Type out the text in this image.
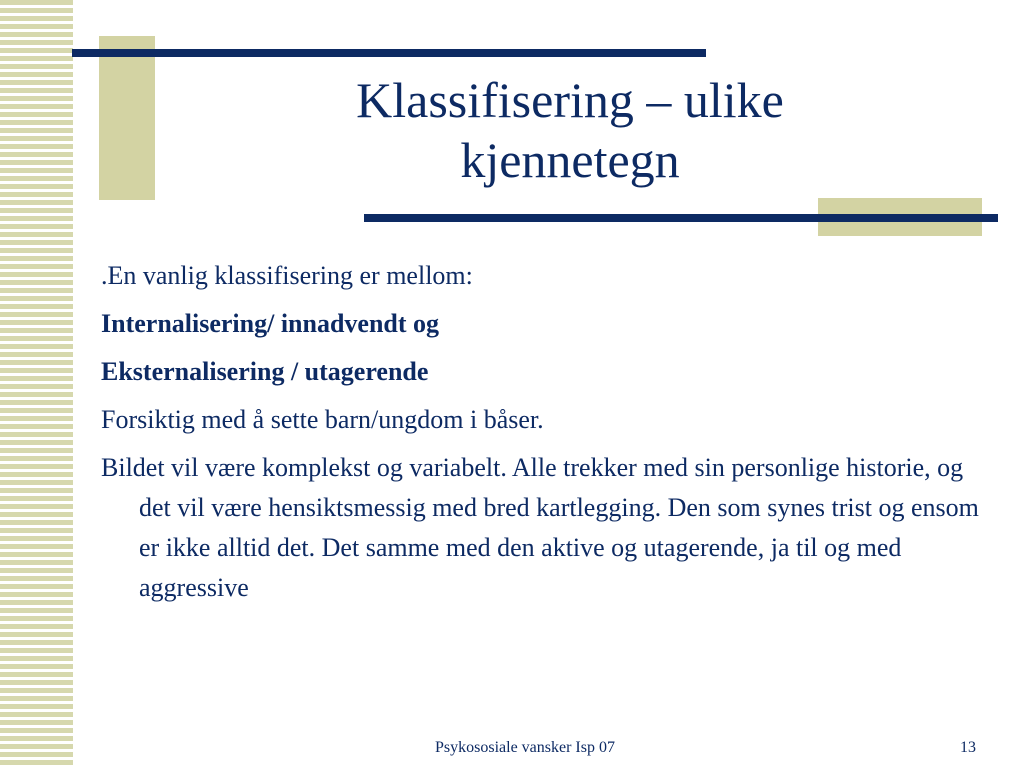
Klassifisering – ulike
kjennetegn

.En vanlig klassifisering er mellom:

Internalisering/ innadvendt og

Eksternalisering / utagerende

Forsiktig med å sette barn/ungdom i båser.

Bildet vil være komplekst og variabelt. Alle trekker med sin personlige historie, og det vil være hensiktsmessig med bred kartlegging. Den som synes trist og ensom er ikke alltid det. Det samme med den aktive og utagerende, ja til og med aggressive

Psykososiale vansker Isp 07	13
